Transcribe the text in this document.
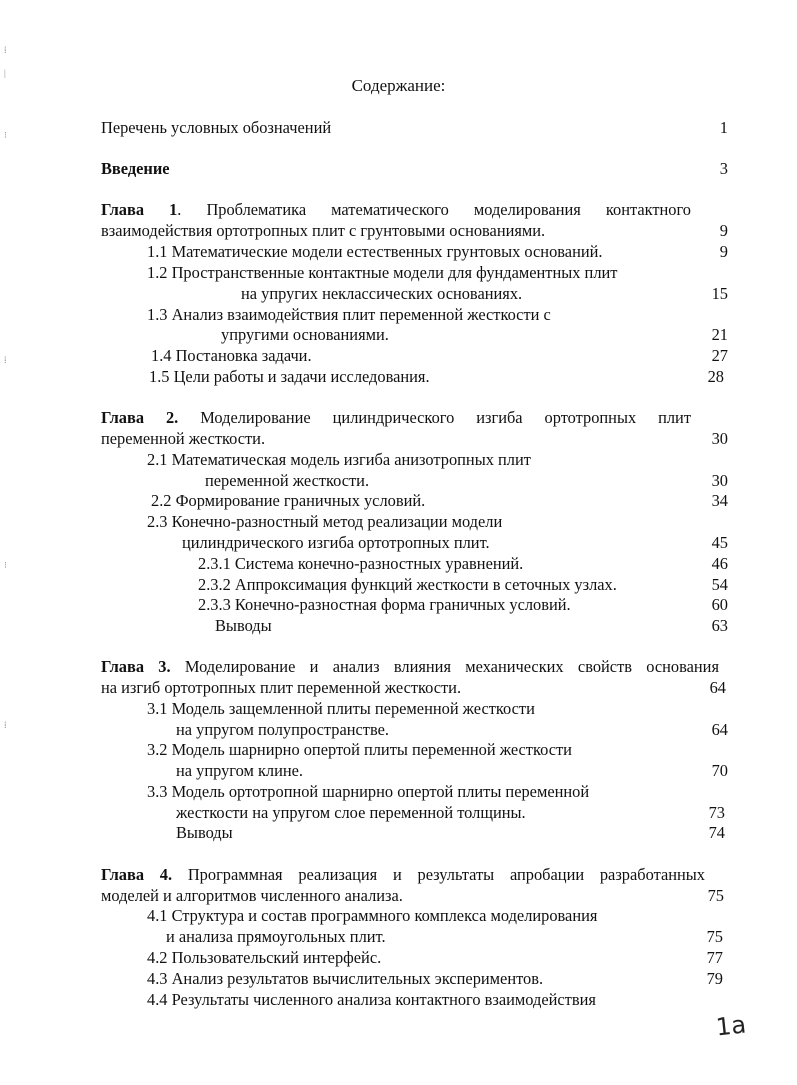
Содержание:
Перечень условных обозначений	1
Введение	3
Глава 1. Проблематика математического моделирования контактного
взаимодействия ортотропных плит с грунтовыми основаниями.	9
1.1 Математические модели естественных грунтовых оснований.	9
1.2 Пространственные контактные модели для фундаментных плит
на упругих неклассических основаниях.	15
1.3 Анализ взаимодействия плит переменной жесткости с
упругими основаниями.	21
1.4 Постановка задачи.	27
1.5 Цели работы и задачи исследования.	28
Глава 2. Моделирование цилиндрического изгиба ортотропных плит
переменной жесткости.	30
2.1 Математическая модель изгиба анизотропных плит
переменной жесткости.	30
2.2 Формирование граничных условий.	34
2.3 Конечно-разностный метод реализации модели
цилиндрического изгиба ортотропных плит.	45
2.3.1 Система конечно-разностных уравнений.	46
2.3.2 Аппроксимация функций жесткости в сеточных узлах.	54
2.3.3 Конечно-разностная форма граничных условий.	60
Выводы	63
Глава 3. Моделирование и анализ влияния механических свойств основания
на изгиб ортотропных плит переменной жесткости.	64
3.1 Модель защемленной плиты переменной жесткости
на упругом полупространстве.	64
3.2 Модель шарнирно опертой плиты переменной жесткости
на упругом клине.	70
3.3 Модель ортотропной шарнирно опертой плиты переменной
жесткости на упругом слое переменной толщины.	73
Выводы	74
Глава 4. Программная реализация и результаты апробации разработанных
моделей и алгоритмов численного анализа.	75
4.1 Структура и состав программного комплекса моделирования
и анализа прямоугольных плит.	75
4.2 Пользовательский интерфейс.	77
4.3 Анализ результатов вычислительных экспериментов.	79
4.4 Результаты численного анализа контактного взаимодействия
⁞
|
⁝
⁞
⁝
⁞
1a
